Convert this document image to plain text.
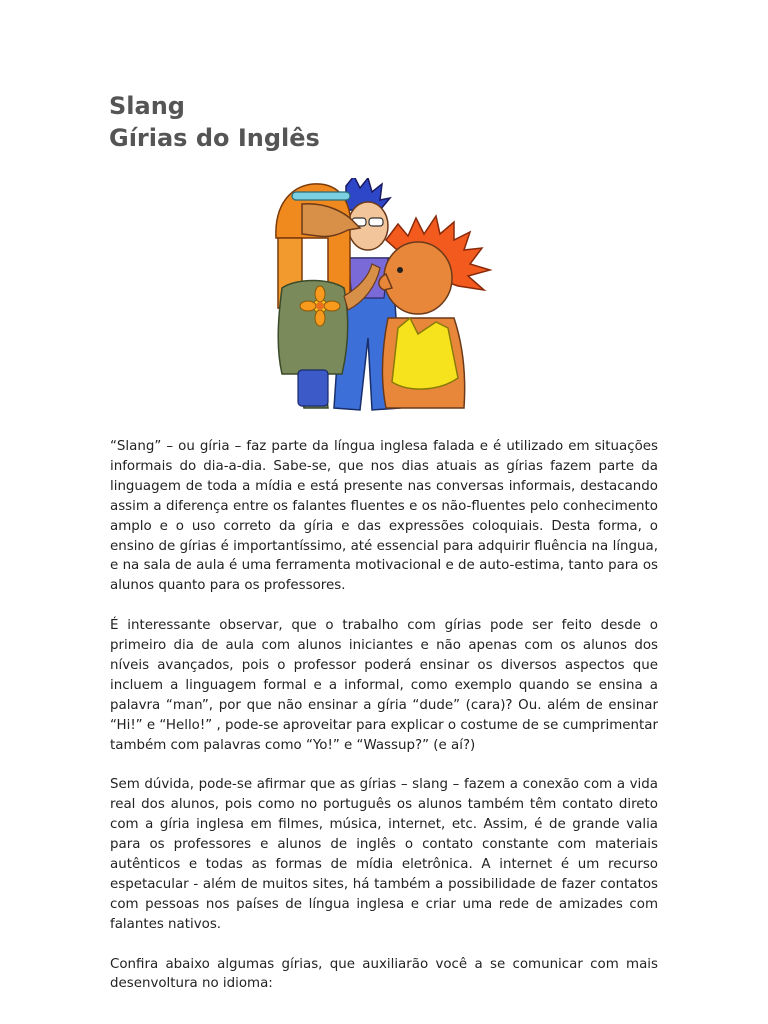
Slang
Gírias do Inglês

“Slang” – ou gíria – faz parte da língua inglesa falada e é utilizado em situações informais do dia-a-dia. Sabe-se, que nos dias atuais as gírias fazem parte da linguagem de toda a mídia e está presente nas conversas informais, destacando assim a diferença entre os falantes fluentes e os não-fluentes pelo conhecimento amplo e o uso correto da gíria e das expressões coloquiais. Desta forma, o ensino de gírias é importantíssimo, até essencial para adquirir fluência na língua, e na sala de aula é uma ferramenta motivacional e de auto-estima, tanto para os alunos quanto para os professores.

É interessante observar, que o trabalho com gírias pode ser feito desde o primeiro dia de aula com alunos iniciantes e não apenas com os alunos dos níveis avançados, pois o professor poderá ensinar os diversos aspectos que incluem a linguagem formal e a informal, como exemplo quando se ensina a palavra “man”, por que não ensinar a gíria “dude” (cara)? Ou. além de ensinar “Hi!” e “Hello!” , pode-se aproveitar para explicar o costume de se cumprimentar também com palavras como “Yo!” e “Wassup?” (e aí?)

Sem dúvida, pode-se afirmar que as gírias – slang – fazem a conexão com a vida real dos alunos, pois como no português os alunos também têm contato direto com a gíria inglesa em filmes, música, internet, etc. Assim, é de grande valia para os professores e alunos de inglês o contato constante com materiais autênticos e todas as formas de mídia eletrônica. A internet é um recurso espetacular - além de muitos sites, há também a possibilidade de fazer contatos com pessoas nos países de língua inglesa e criar uma rede de amizades com falantes nativos.

Confira abaixo algumas gírias, que auxiliarão você a se comunicar com mais desenvoltura no idioma:
